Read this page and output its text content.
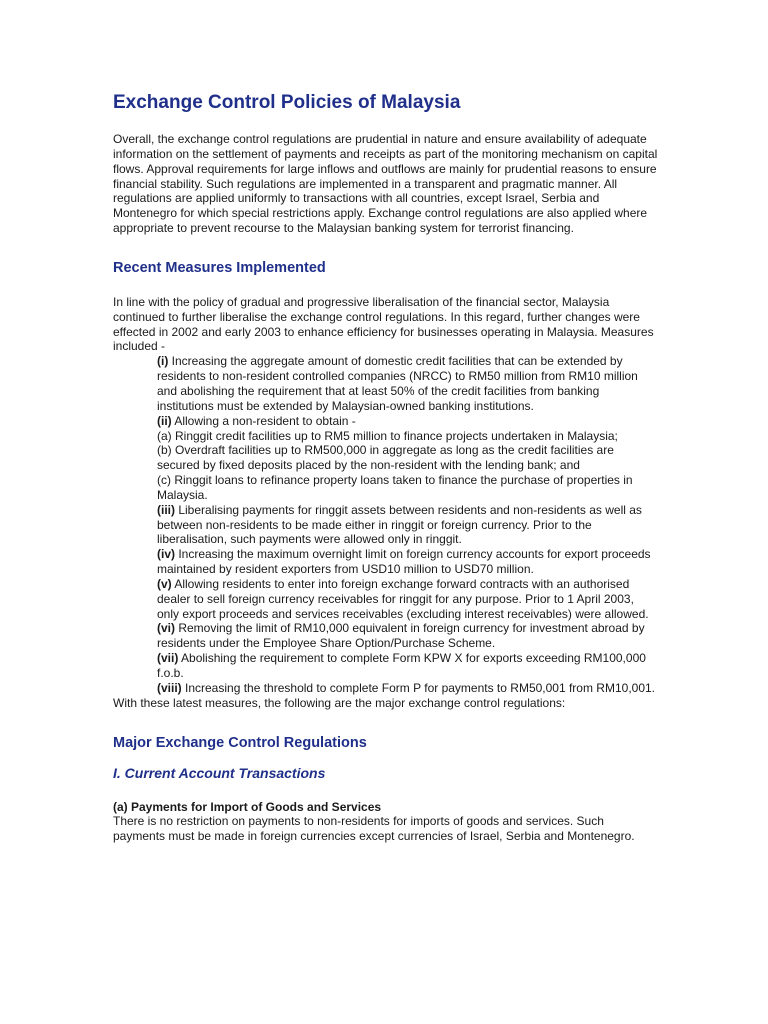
Exchange Control Policies of Malaysia

Overall, the exchange control regulations are prudential in nature and ensure availability of adequate information on the settlement of payments and receipts as part of the monitoring mechanism on capital flows. Approval requirements for large inflows and outflows are mainly for prudential reasons to ensure financial stability. Such regulations are implemented in a transparent and pragmatic manner. All regulations are applied uniformly to transactions with all countries, except Israel, Serbia and Montenegro for which special restrictions apply. Exchange control regulations are also applied where appropriate to prevent recourse to the Malaysian banking system for terrorist financing.

Recent Measures Implemented

In line with the policy of gradual and progressive liberalisation of the financial sector, Malaysia continued to further liberalise the exchange control regulations. In this regard, further changes were effected in 2002 and early 2003 to enhance efficiency for businesses operating in Malaysia. Measures included -

(i) Increasing the aggregate amount of domestic credit facilities that can be extended by residents to non-resident controlled companies (NRCC) to RM50 million from RM10 million and abolishing the requirement that at least 50% of the credit facilities from banking institutions must be extended by Malaysian-owned banking institutions.
(ii) Allowing a non-resident to obtain -
(a) Ringgit credit facilities up to RM5 million to finance projects undertaken in Malaysia;
(b) Overdraft facilities up to RM500,000 in aggregate as long as the credit facilities are secured by fixed deposits placed by the non-resident with the lending bank; and
(c) Ringgit loans to refinance property loans taken to finance the purchase of properties in Malaysia.
(iii) Liberalising payments for ringgit assets between residents and non-residents as well as between non-residents to be made either in ringgit or foreign currency. Prior to the liberalisation, such payments were allowed only in ringgit.
(iv) Increasing the maximum overnight limit on foreign currency accounts for export proceeds maintained by resident exporters from USD10 million to USD70 million.
(v) Allowing residents to enter into foreign exchange forward contracts with an authorised dealer to sell foreign currency receivables for ringgit for any purpose. Prior to 1 April 2003, only export proceeds and services receivables (excluding interest receivables) were allowed.
(vi) Removing the limit of RM10,000 equivalent in foreign currency for investment abroad by residents under the Employee Share Option/Purchase Scheme.
(vii) Abolishing the requirement to complete Form KPW X for exports exceeding RM100,000 f.o.b.
(viii) Increasing the threshold to complete Form P for payments to RM50,001 from RM10,001.

With these latest measures, the following are the major exchange control regulations:

Major Exchange Control Regulations
I. Current Account Transactions
(a) Payments for Import of Goods and Services

There is no restriction on payments to non-residents for imports of goods and services. Such payments must be made in foreign currencies except currencies of Israel, Serbia and Montenegro.
